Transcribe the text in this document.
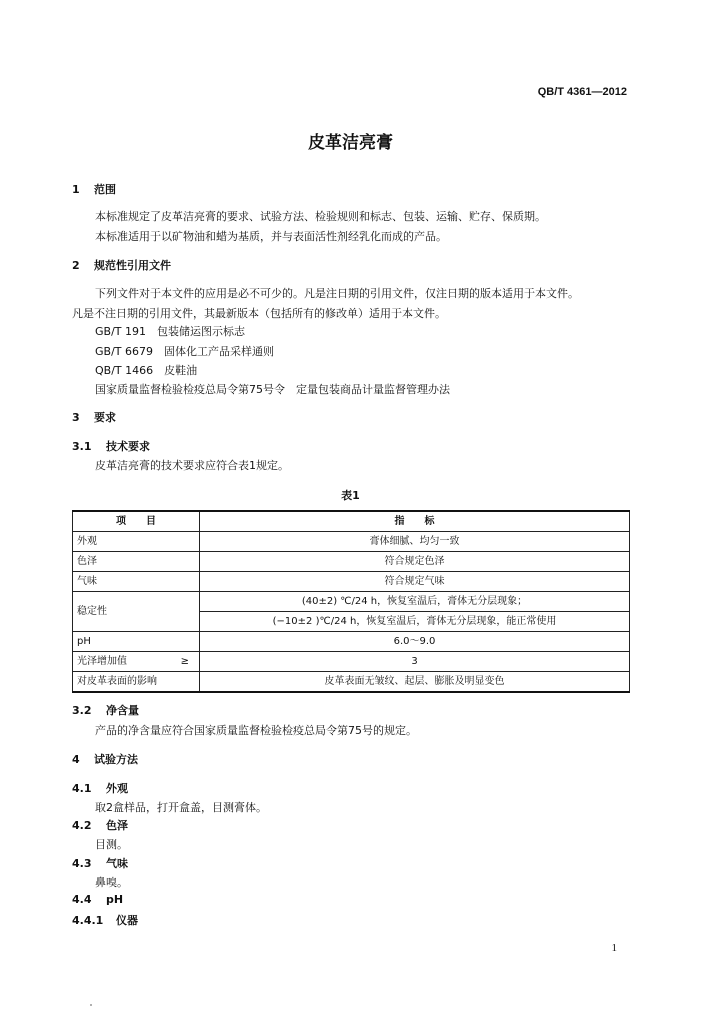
QB/T 4361—2012
皮革洁亮膏
1 范围
本标准规定了皮革洁亮膏的要求、试验方法、检验规则和标志、包装、运输、贮存、保质期。
本标准适用于以矿物油和蜡为基质，并与表面活性剂经乳化而成的产品。
2 规范性引用文件
下列文件对于本文件的应用是必不可少的。凡是注日期的引用文件，仅注日期的版本适用于本文件。
凡是不注日期的引用文件，其最新版本（包括所有的修改单）适用于本文件。
GB/T 191　 包装储运图示标志
GB/T 6679　 固体化工产品采样通则
QB/T 1466　 皮鞋油
国家质量监督检验检疫总局令第75号令　 定量包装商品计量监督管理办法
3 要求
3.1 技术要求
皮革洁亮膏的技术要求应符合表1规定。
表1
项　　目	指　　标
外观	膏体细腻、均匀一致
色泽	符合规定色泽
气味	符合规定气味
稳定性	(40±2) ℃/24 h，恢复室温后，膏体无分层现象；
	(−10±2 )℃/24 h，恢复室温后，膏体无分层现象，能正常使用
pH	6.0～9.0
光泽增加值 ≥	3
对皮革表面的影响	皮革表面无皱纹、起层、膨胀及明显变色
3.2 净含量
产品的净含量应符合国家质量监督检验检疫总局令第75号的规定。
4 试验方法
4.1 外观
取2盒样品，打开盒盖，目测膏体。
4.2 色泽
目测。
4.3 气味
鼻嗅。
4.4 pH
4.4.1 仪器
1
